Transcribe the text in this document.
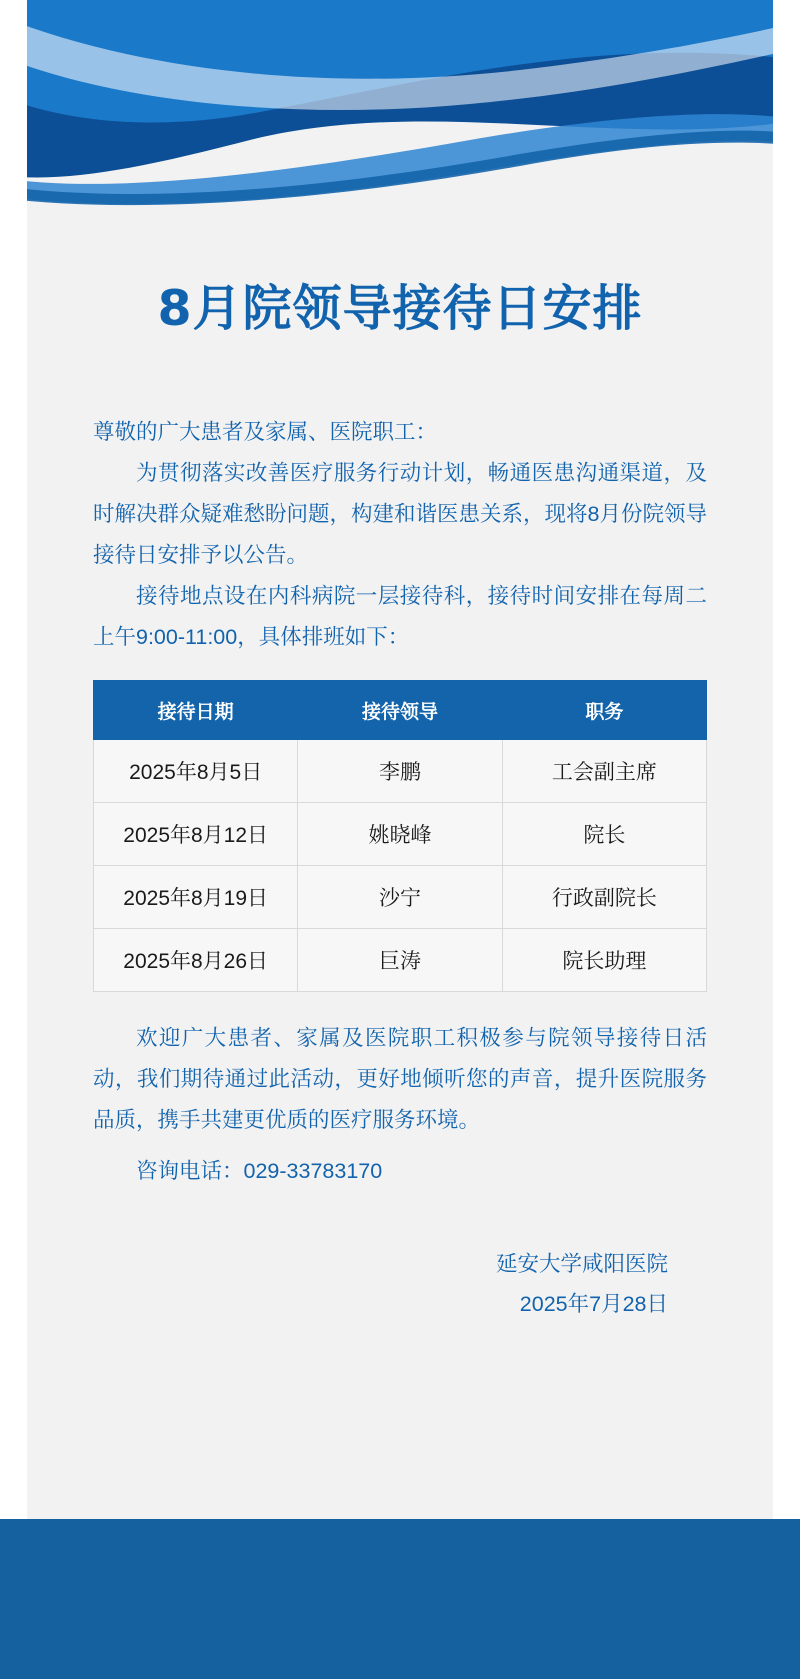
8月院领导接待日安排

尊敬的广大患者及家属、医院职工：

为贯彻落实改善医疗服务行动计划，畅通医患沟通渠道，及时解决群众疑难愁盼问题，构建和谐医患关系，现将8月份院领导接待日安排予以公告。

接待地点设在内科病院一层接待科，接待时间安排在每周二上午9:00-11:00，具体排班如下：

接待日期	接待领导	职务
2025年8月5日	李鹏	工会副主席
2025年8月12日	姚晓峰	院长
2025年8月19日	沙宁	行政副院长
2025年8月26日	巨涛	院长助理

欢迎广大患者、家属及医院职工积极参与院领导接待日活动，我们期待通过此活动，更好地倾听您的声音，提升医院服务品质，携手共建更优质的医疗服务环境。

咨询电话：029-33783170

延安大学咸阳医院
2025年7月28日
